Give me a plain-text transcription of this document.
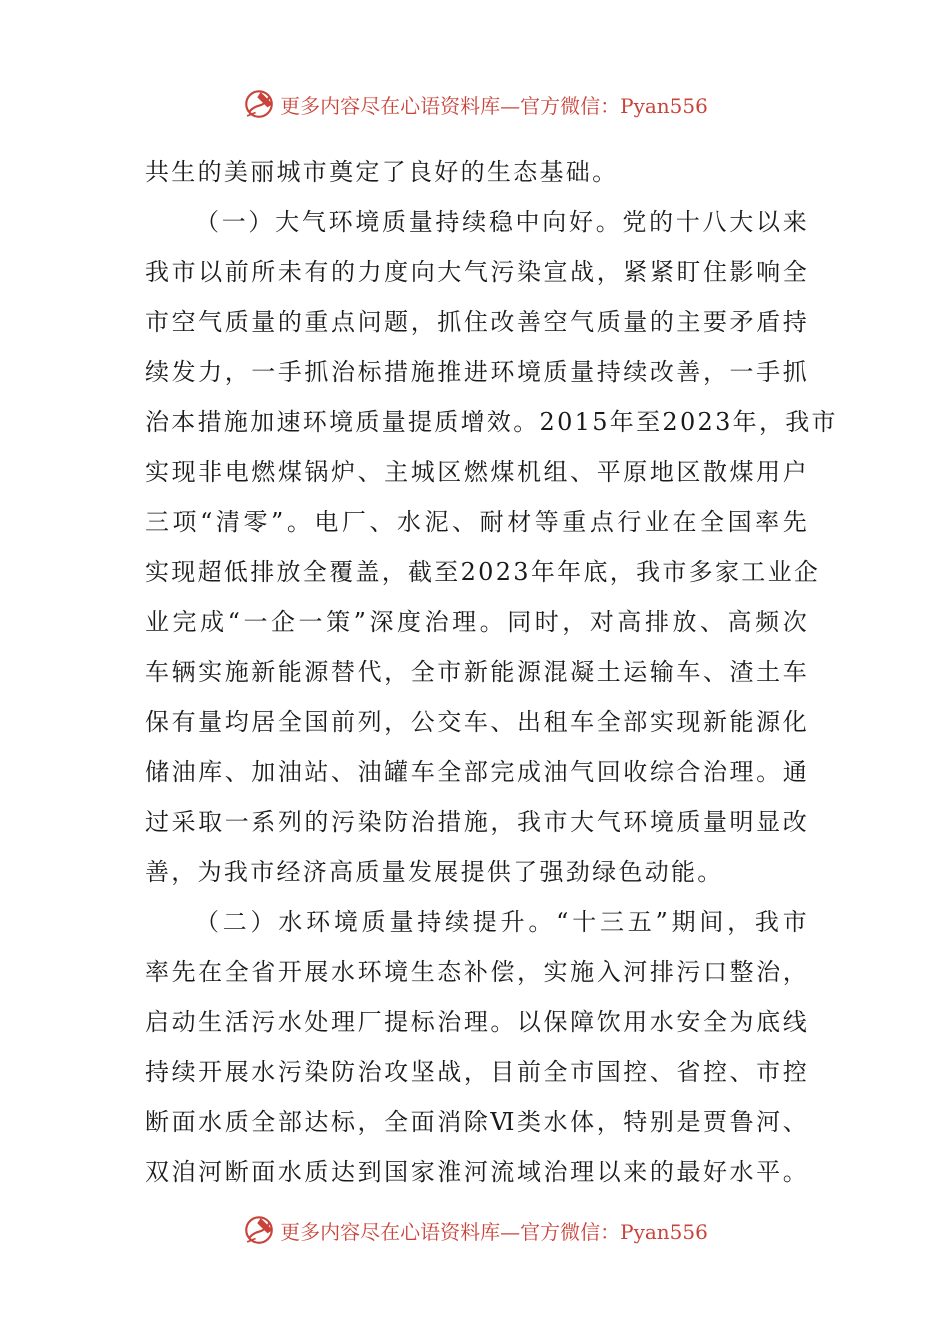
更多内容尽在心语资料库—官方微信：Pyan556
共生的美丽城市奠定了良好的生态基础。
（一）大气环境质量持续稳中向好。党的十八大以来
我市以前所未有的力度向大气污染宣战，紧紧盯住影响全
市空气质量的重点问题，抓住改善空气质量的主要矛盾持
续发力，一手抓治标措施推进环境质量持续改善，一手抓
治本措施加速环境质量提质增效。2015年至2023年，我市
实现非电燃煤锅炉、主城区燃煤机组、平原地区散煤用户
三项“清零”。电厂、水泥、耐材等重点行业在全国率先
实现超低排放全覆盖，截至2023年年底，我市多家工业企
业完成“一企一策”深度治理。同时，对高排放、高频次
车辆实施新能源替代，全市新能源混凝土运输车、渣土车
保有量均居全国前列，公交车、出租车全部实现新能源化
储油库、加油站、油罐车全部完成油气回收综合治理。通
过采取一系列的污染防治措施，我市大气环境质量明显改
善，为我市经济高质量发展提供了强劲绿色动能。
（二）水环境质量持续提升。“十三五”期间，我市
率先在全省开展水环境生态补偿，实施入河排污口整治，
启动生活污水处理厂提标治理。以保障饮用水安全为底线
持续开展水污染防治攻坚战，目前全市国控、省控、市控
断面水质全部达标，全面消除Ⅵ类水体，特别是贾鲁河、
双洎河断面水质达到国家淮河流域治理以来的最好水平。
更多内容尽在心语资料库—官方微信：Pyan556
